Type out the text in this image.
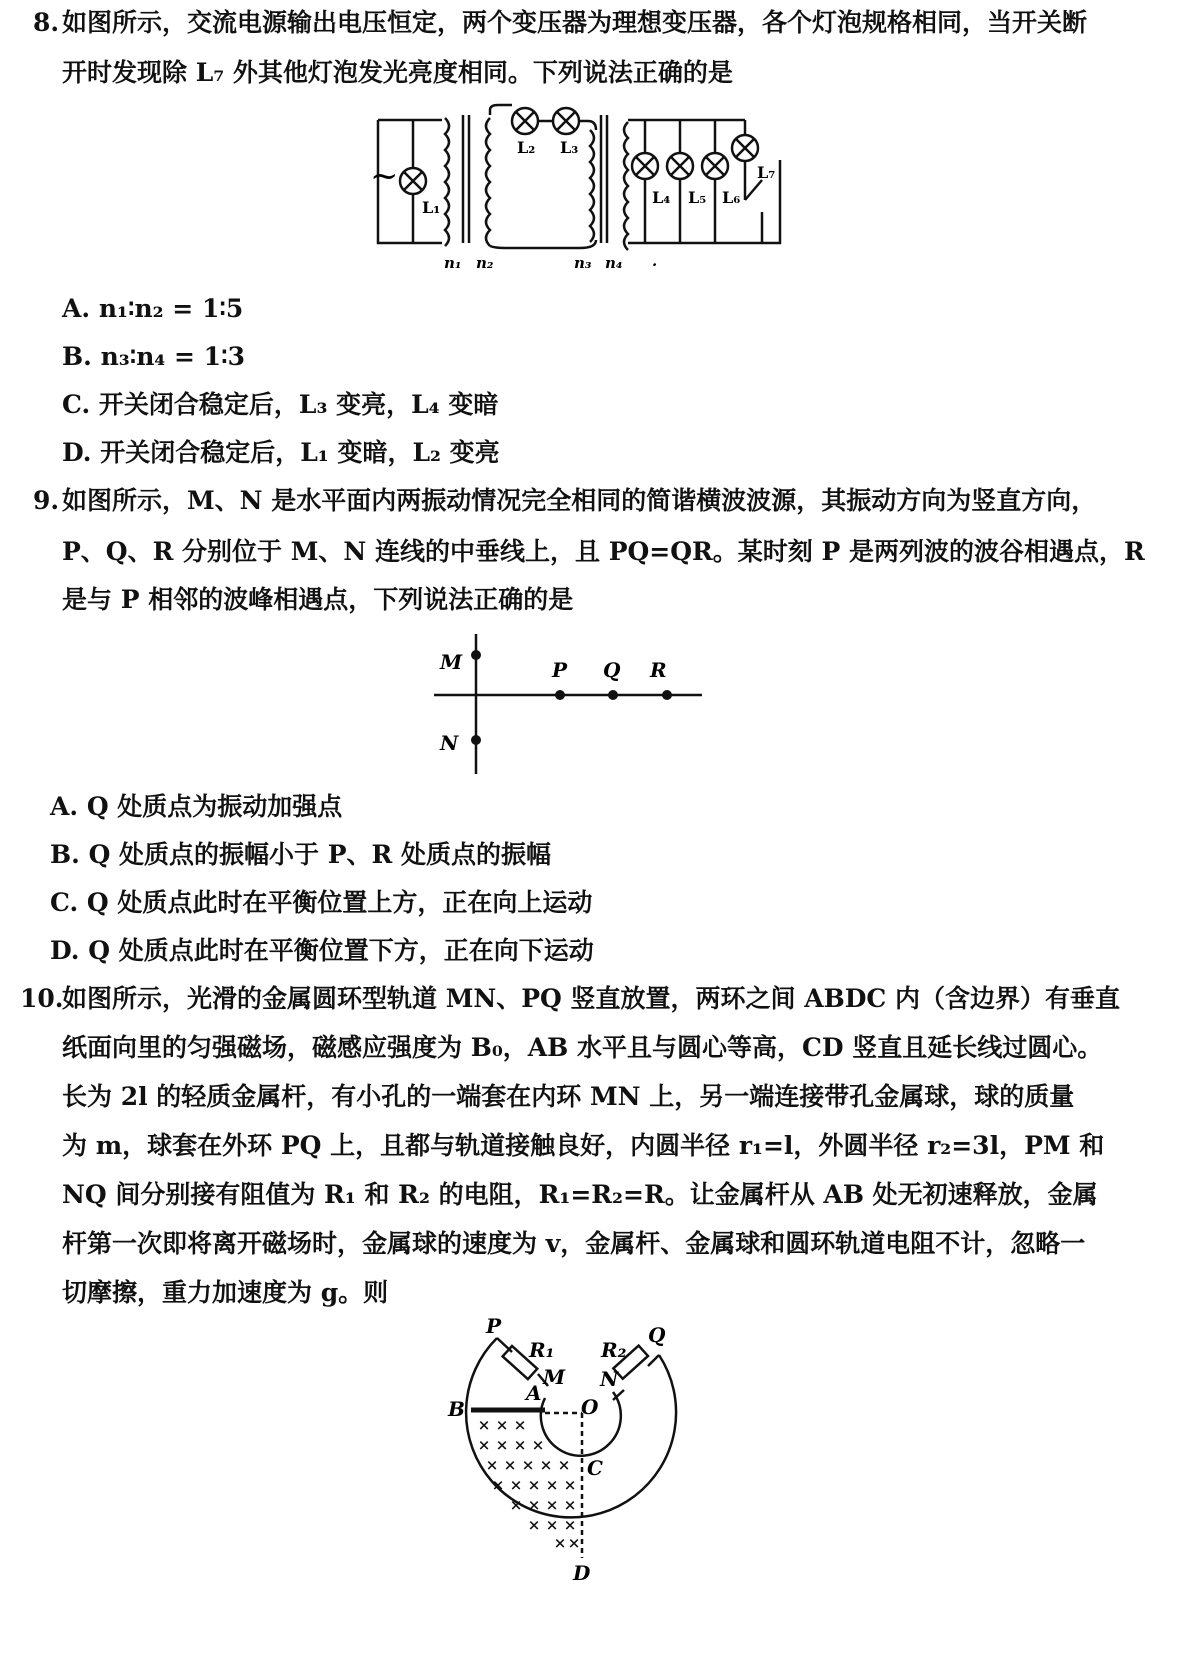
8. 如图所示，交流电源输出电压恒定，两个变压器为理想变压器，各个灯泡规格相同，当开关断
开时发现除 L₇ 外其他灯泡发光亮度相同。下列说法正确的是
~
L₁
L₂ L₃
L₄ L₅ L₆
L₇
n₁ n₂	n₃ n₄ .
A. n₁∶n₂ = 1∶5
B. n₃∶n₄ = 1∶3
C. 开关闭合稳定后，L₃ 变亮，L₄ 变暗
D. 开关闭合稳定后，L₁ 变暗，L₂ 变亮
9. 如图所示，M、N 是水平面内两振动情况完全相同的简谐横波波源，其振动方向为竖直方向，
P、Q、R 分别位于 M、N 连线的中垂线上，且 PQ=QR。某时刻 P 是两列波的波谷相遇点，R
是与 P 相邻的波峰相遇点，下列说法正确的是
M
N
P Q R
A. Q 处质点为振动加强点
B. Q 处质点的振幅小于 P、R 处质点的振幅
C. Q 处质点此时在平衡位置上方，正在向上运动
D. Q 处质点此时在平衡位置下方，正在向下运动
10.
如图所示，光滑的金属圆环型轨道 MN、PQ 竖直放置，两环之间 ABDC 内（含边界）有垂直
纸面向里的匀强磁场，磁感应强度为 B₀，AB 水平且与圆心等高，CD 竖直且延长线过圆心。
长为 2l 的轻质金属杆，有小孔的一端套在内环 MN 上，另一端连接带孔金属球，球的质量
为 m，球套在外环 PQ 上，且都与轨道接触良好，内圆半径 r₁=l，外圆半径 r₂=3l，PM 和
NQ 间分别接有阻值为 R₁ 和 R₂ 的电阻，R₁=R₂=R。让金属杆从 AB 处无初速释放，金属
杆第一次即将离开磁场时，金属球的速度为 v，金属杆、金属球和圆环轨道电阻不计，忽略一
切摩擦，重力加速度为 g。则
× × ×
× × × ×
× × × × ×
× × × × ×
× × × ×
× × ×
× ×
P	Q
M N
A
B	O
C
D
R₁ R₂
